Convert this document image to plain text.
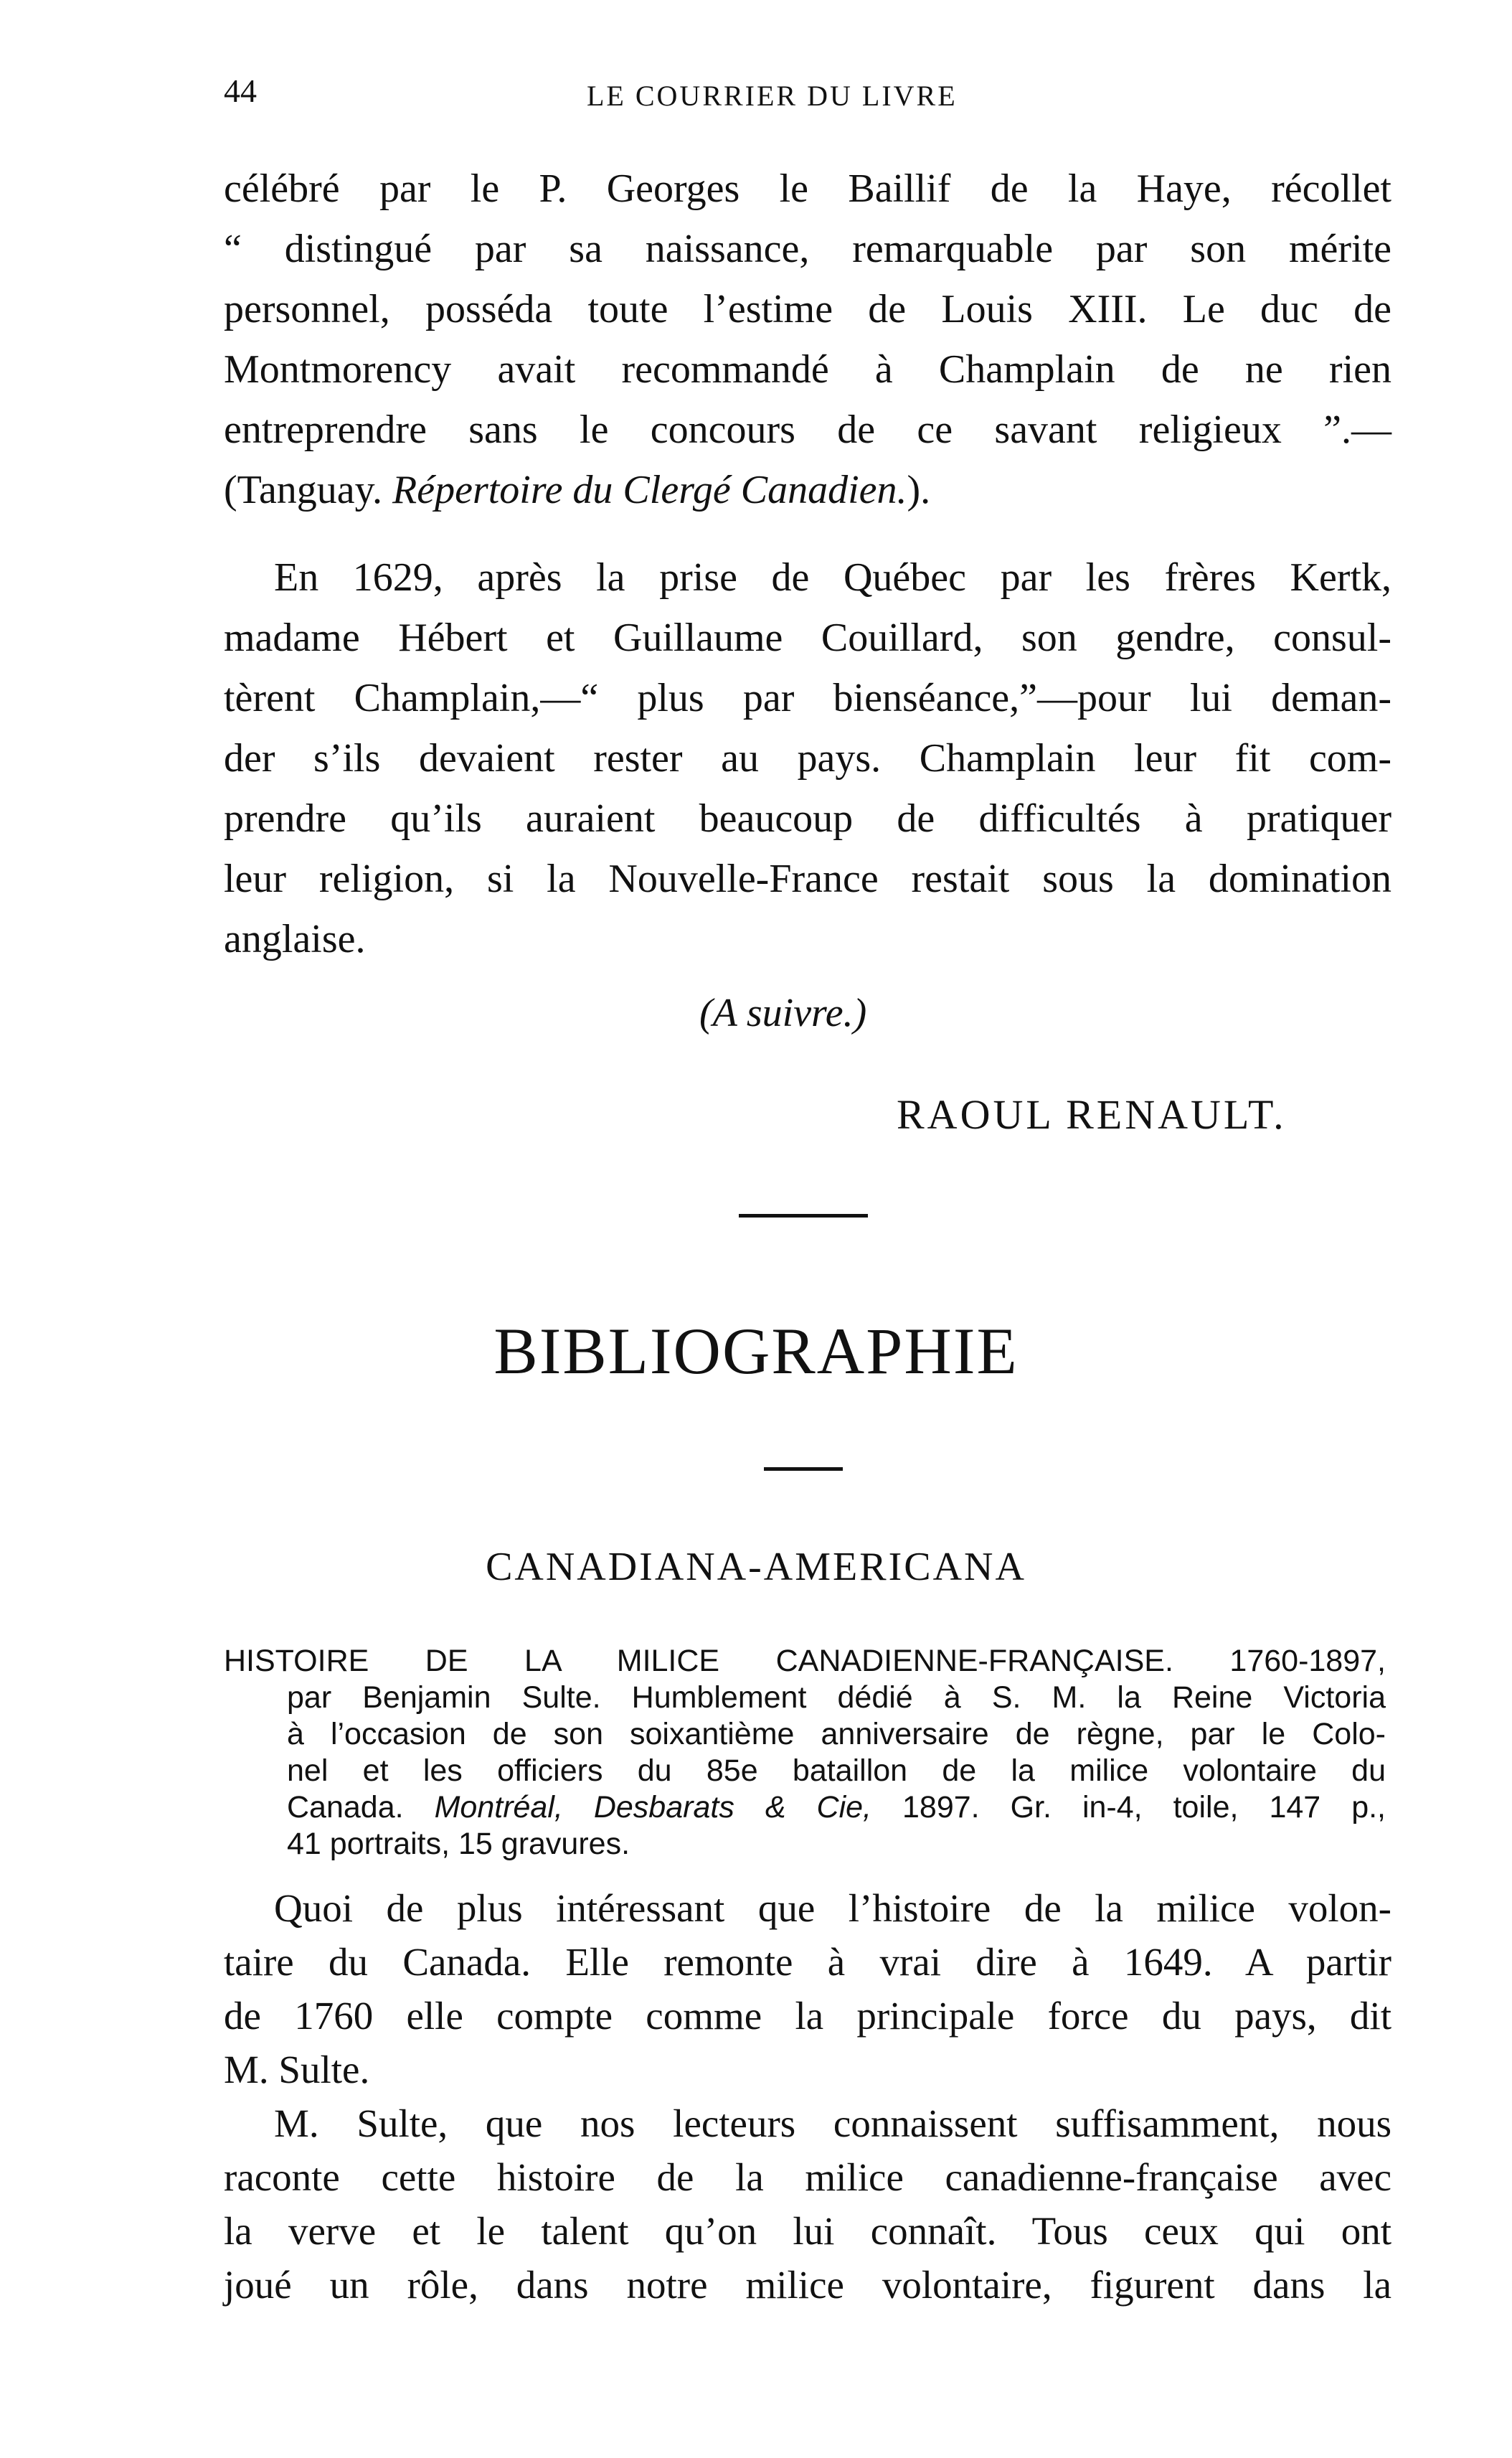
44	LE COURRIER DU LIVRE
célébré par le P. Georges le Baillif de la Haye, récollet
“ distingué par sa naissance, remarquable par son mérite
personnel, posséda toute l’estime de Louis XIII. Le duc de
Montmorency avait recommandé à Champlain de ne rien
entreprendre sans le concours de ce savant religieux ”.—
(Tanguay. Répertoire du Clergé Canadien.).
En 1629, après la prise de Québec par les frères Kertk,
madame Hébert et Guillaume Couillard, son gendre, consul-
tèrent Champlain,—“ plus par bienséance,”—pour lui deman-
der s’ils devaient rester au pays. Champlain leur fit com-
prendre qu’ils auraient beaucoup de difficultés à pratiquer
leur religion, si la Nouvelle-France restait sous la domination
anglaise.
(A suivre.)
RAOUL RENAULT.
BIBLIOGRAPHIE
CANADIANA-AMERICANA
HISTOIRE DE LA MILICE CANADIENNE-FRANÇAISE. 1760-1897,
par Benjamin Sulte. Humblement dédié à S. M. la Reine Victoria
à l’occasion de son soixantième anniversaire de règne, par le Colo-
nel et les officiers du 85e bataillon de la milice volontaire du
Canada. Montréal, Desbarats & Cie, 1897. Gr. in-4, toile, 147 p.,
41 portraits, 15 gravures.
Quoi de plus intéressant que l’histoire de la milice volon-
taire du Canada. Elle remonte à vrai dire à 1649. A partir
de 1760 elle compte comme la principale force du pays, dit
M. Sulte.
M. Sulte, que nos lecteurs connaissent suffisamment, nous
raconte cette histoire de la milice canadienne-française avec
la verve et le talent qu’on lui connaît. Tous ceux qui ont
joué un rôle, dans notre milice volontaire, figurent dans la
